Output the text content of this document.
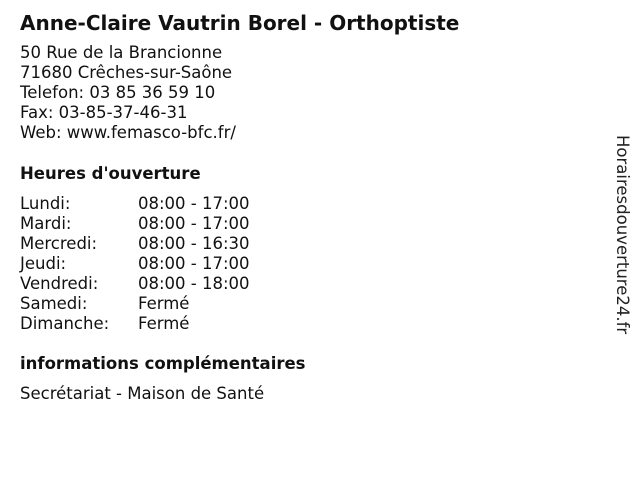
Anne-Claire Vautrin Borel - Orthoptiste
50 Rue de la Brancionne
71680 Crêches-sur-Saône
Telefon: 03 85 36 59 10
Fax: 03-85-37-46-31
Web: www.femasco-bfc.fr/
Heures d'ouverture
Lundi:	08:00 - 17:00
Mardi:	08:00 - 17:00
Mercredi: 08:00 - 16:30
Jeudi:	08:00 - 17:00
Vendredi: 08:00 - 18:00
Samedi:	Fermé
Dimanche: Fermé
informations complémentaires
Secrétariat - Maison de Santé
Horairesdouverture24.fr
